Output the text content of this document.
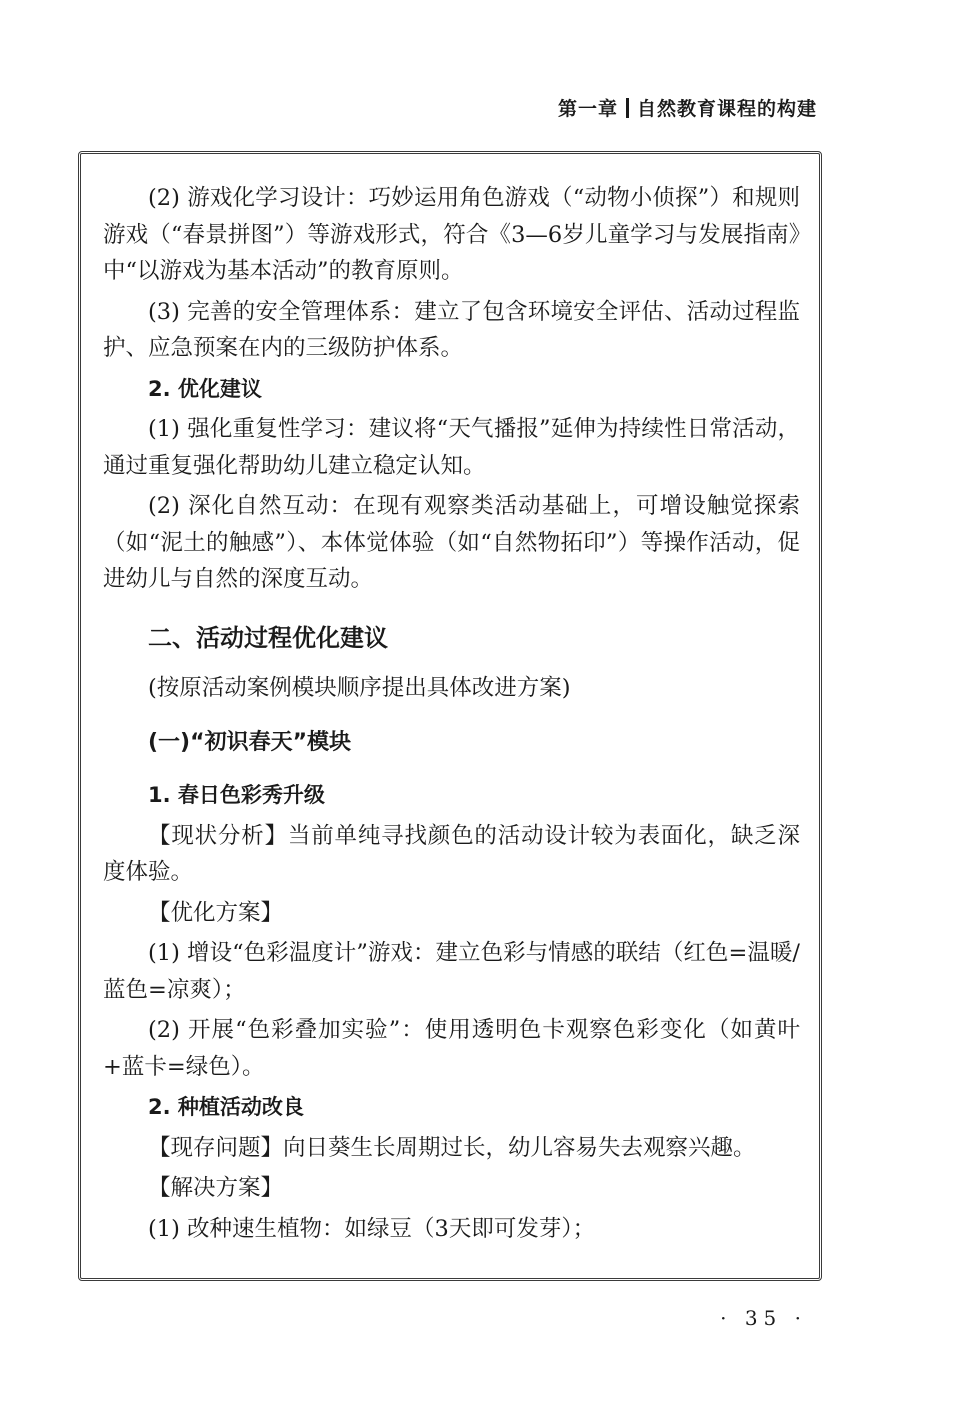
第一章 自然教育课程的构建

(2) 游戏化学习设计：巧妙运用角色游戏（“动物小侦探”）和规则游戏（“春景拼图”）等游戏形式，符合《3—6岁儿童学习与发展指南》中“以游戏为基本活动”的教育原则。

(3) 完善的安全管理体系：建立了包含环境安全评估、活动过程监护、应急预案在内的三级防护体系。

2. 优化建议

(1) 强化重复性学习：建议将“天气播报”延伸为持续性日常活动，通过重复强化帮助幼儿建立稳定认知。

(2) 深化自然互动：在现有观察类活动基础上，可增设触觉探索（如“泥土的触感”）、本体觉体验（如“自然物拓印”）等操作活动，促进幼儿与自然的深度互动。

二、活动过程优化建议

(按原活动案例模块顺序提出具体改进方案)

(一)“初识春天”模块

1. 春日色彩秀升级

【现状分析】当前单纯寻找颜色的活动设计较为表面化，缺乏深度体验。

【优化方案】

(1) 增设“色彩温度计”游戏：建立色彩与情感的联结（红色=温暖/蓝色=凉爽）；

(2) 开展“色彩叠加实验”：使用透明色卡观察色彩变化（如黄叶+蓝卡=绿色）。

2. 种植活动改良

【现存问题】向日葵生长周期过长，幼儿容易失去观察兴趣。

【解决方案】

(1) 改种速生植物：如绿豆（3天即可发芽）；

· 35 ·
